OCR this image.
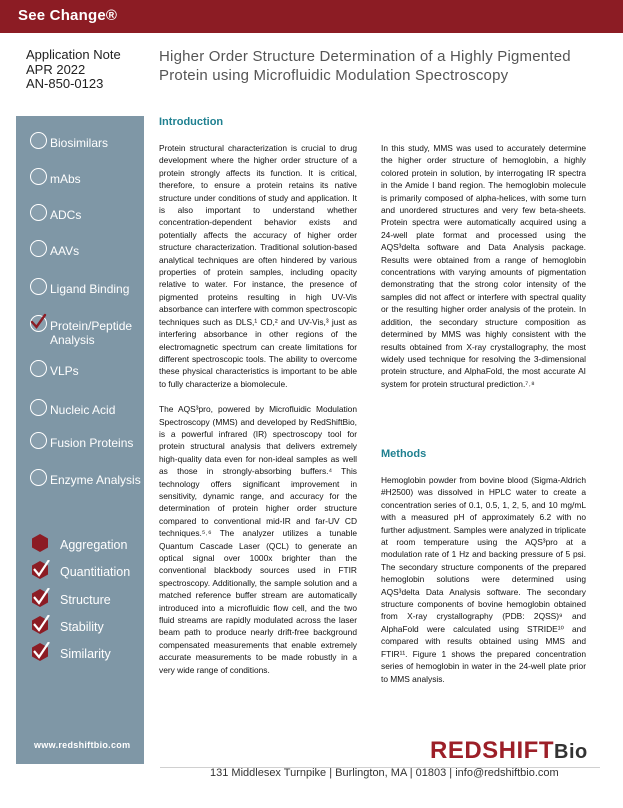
See Change®
Application Note
APR 2022
AN-850-0123
Higher Order Structure Determination of a Highly Pigmented Protein using Microfluidic Modulation Spectroscopy
Biosimilars
mAbs
ADCs
AAVs
Ligand Binding
Protein/Peptide Analysis
VLPs
Nucleic Acid
Fusion Proteins
Enzyme Analysis
Aggregation
Quantitiation
Structure
Stability
Similarity
www.redshiftbio.com
Introduction

Protein structural characterization is crucial to drug development where the higher order structure of a protein strongly affects its function. It is critical, therefore, to ensure a protein retains its native structure under conditions of study and application. It is also important to understand whether concentration-dependent behavior exists and potentially affects the accuracy of higher order structure characterization. Traditional solution-based analytical techniques are often hindered by various properties of protein samples, including opacity relative to water. For instance, the presence of pigmented proteins resulting in high UV-Vis absorbance can interfere with common spectroscopic techniques such as DLS,¹ CD,² and UV-Vis,³ just as interfering absorbance in other regions of the electromagnetic spectrum can create limitations for different spectroscopic tools. The ability to overcome these physical characteristics is important to be able to fully characterize a biomolecule.

The AQS³pro, powered by Microfluidic Modulation Spectroscopy (MMS) and developed by RedShiftBio, is a powerful infrared (IR) spectroscopy tool for protein structural analysis that delivers extremely high-quality data even for non-ideal samples as well as those in strongly-absorbing buffers.⁴ This technology offers significant improvement in sensitivity, dynamic range, and accuracy for the determination of protein higher order structure compared to conventional mid-IR and far-UV CD techniques.⁵˒⁶ The analyzer utilizes a tunable Quantum Cascade Laser (QCL) to generate an optical signal over 1000x brighter than the conventional blackbody sources used in FTIR spectroscopy. Additionally, the sample solution and a matched reference buffer stream are automatically introduced into a microfluidic flow cell, and the two fluid streams are rapidly modulated across the laser beam path to produce nearly drift-free background compensated measurements that enable extremely accurate measurements to be made robustly in a very wide range of conditions.

In this study, MMS was used to accurately determine the higher order structure of hemoglobin, a highly colored protein in solution, by interrogating IR spectra in the Amide I band region. The hemoglobin molecule is primarily composed of alpha-helices, with some turn and unordered structures and very few beta-sheets. Protein spectra were automatically acquired using a 24-well plate format and processed using the AQS³delta software and Data Analysis package. Results were obtained from a range of hemoglobin concentrations with varying amounts of pigmentation demonstrating that the strong color intensity of the samples did not affect or interfere with spectral quality or the resulting higher order analysis of the protein. In addition, the secondary structure composition as determined by MMS was highly consistent with the results obtained from X-ray crystallography, the most widely used technique for resolving the 3-dimensional protein structure, and AlphaFold, the most accurate AI system for protein structural prediction.⁷˒⁸

Methods

Hemoglobin powder from bovine blood (Sigma-Aldrich #H2500) was dissolved in HPLC water to create a concentration series of 0.1, 0.5, 1, 2, 5, and 10 mg/mL with a measured pH of approximately 6.2 with no further adjustment. Samples were analyzed in triplicate at room temperature using the AQS³pro at a modulation rate of 1 Hz and backing pressure of 5 psi. The secondary structure components of the prepared hemoglobin solutions were determined using AQS³delta Data Analysis software. The secondary structure components of bovine hemoglobin obtained from X-ray crystallography (PDB: 2QSS)⁹ and AlphaFold were calculated using STRIDE¹⁰ and compared with results obtained using MMS and FTIR¹¹. Figure 1 shows the prepared concentration series of hemoglobin in water in the 24-well plate prior to MMS analysis.

REDSHIFTBio
131 Middlesex Turnpike | Burlington, MA | 01803 | info@redshiftbio.com
